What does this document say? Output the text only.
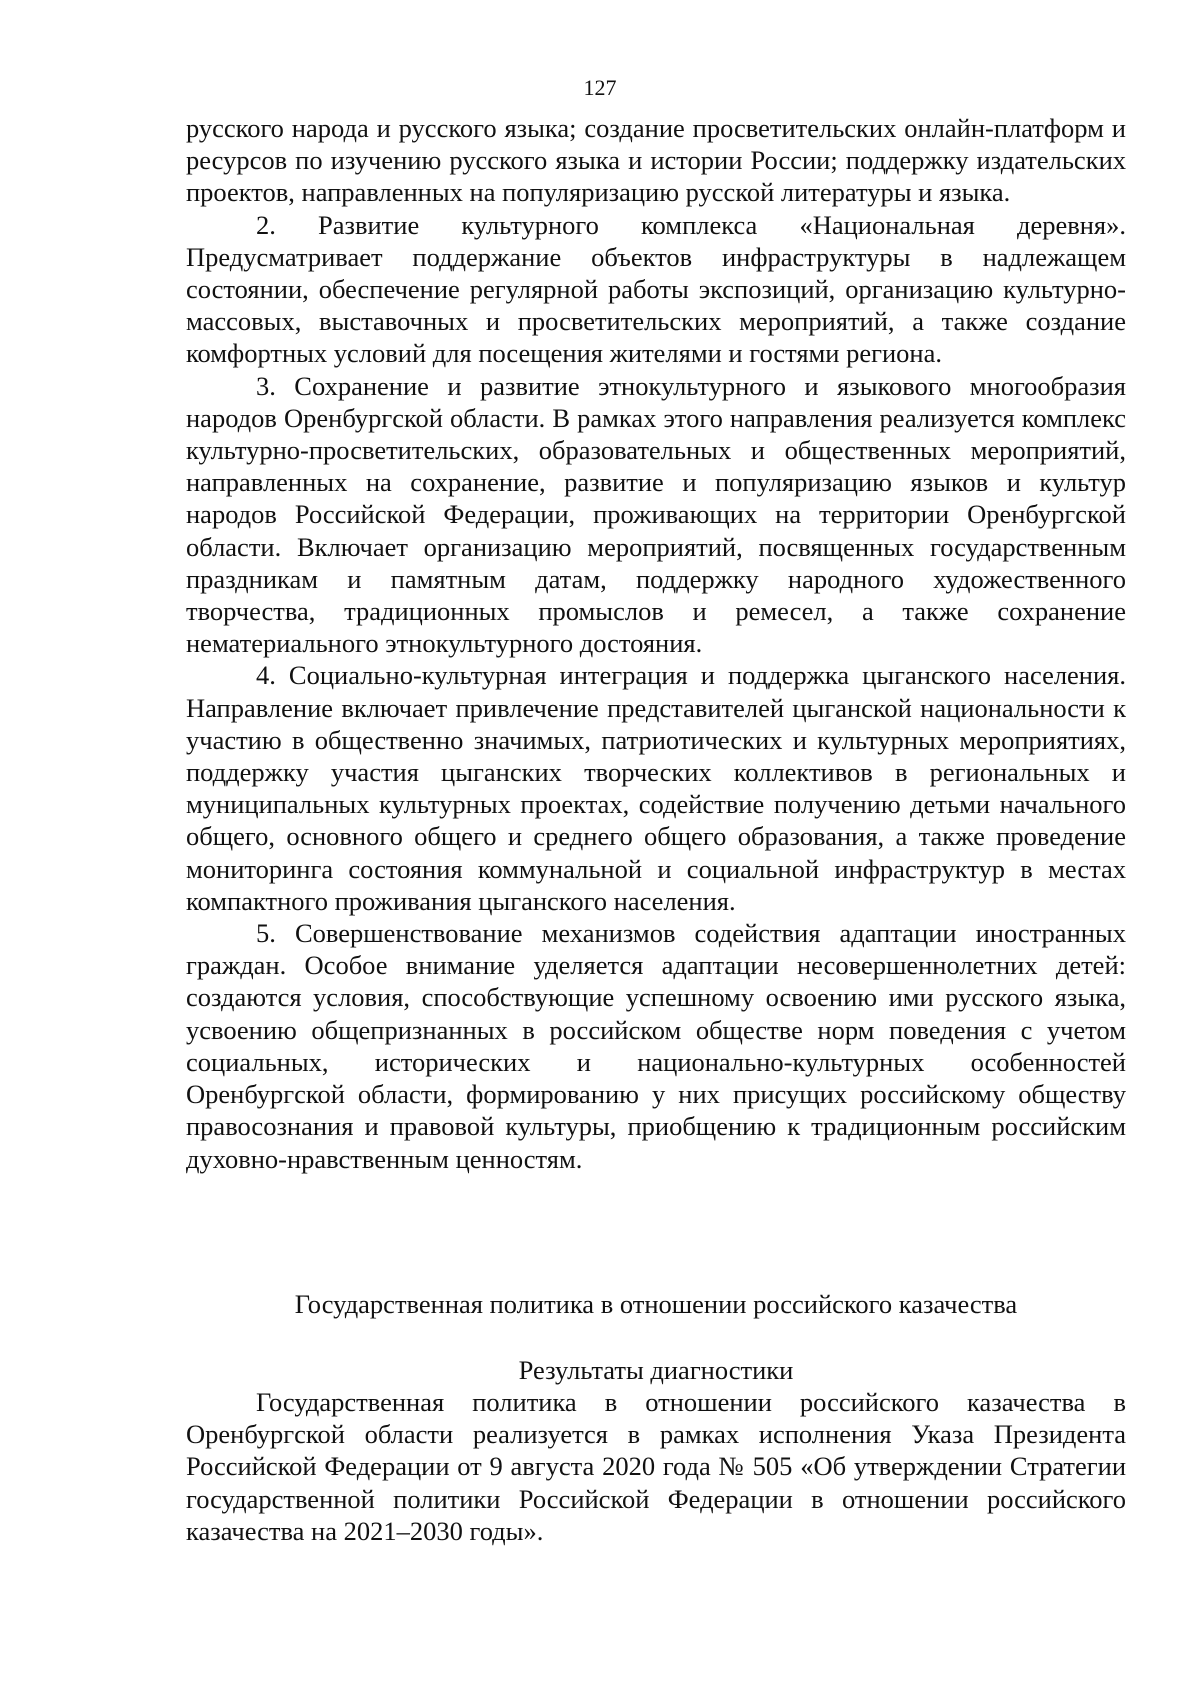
127

русского народа и русского языка; создание просветительских онлайн-платформ и ресурсов по изучению русского языка и истории России; поддержку издательских проектов, направленных на популяризацию русской литературы и языка.

2. Развитие культурного комплекса «Национальная деревня». Предусматривает поддержание объектов инфраструктуры в надлежащем состоянии, обеспечение регулярной работы экспозиций, организацию культурно-массовых, выставочных и просветительских мероприятий, а также создание комфортных условий для посещения жителями и гостями региона.

3. Сохранение и развитие этнокультурного и языкового многообразия народов Оренбургской области. В рамках этого направления реализуется комплекс культурно-просветительских, образовательных и общественных мероприятий, направленных на сохранение, развитие и популяризацию языков и культур народов Российской Федерации, проживающих на территории Оренбургской области. Включает организацию мероприятий, посвященных государственным праздникам и памятным датам, поддержку народного художественного творчества, традиционных промыслов и ремесел, а также сохранение нематериального этнокультурного достояния.

4. Социально-культурная интеграция и поддержка цыганского населения. Направление включает привлечение представителей цыганской национальности к участию в общественно значимых, патриотических и культурных мероприятиях, поддержку участия цыганских творческих коллективов в региональных и муниципальных культурных проектах, содействие получению детьми начального общего, основного общего и среднего общего образования, а также проведение мониторинга состояния коммунальной и социальной инфраструктур в местах компактного проживания цыганского населения.

5. Совершенствование механизмов содействия адаптации иностранных граждан. Особое внимание уделяется адаптации несовершеннолетних детей: создаются условия, способствующие успешному освоению ими русского языка, усвоению общепризнанных в российском обществе норм поведения с учетом социальных, исторических и национально-культурных особенностей Оренбургской области, формированию у них присущих российскому обществу правосознания и правовой культуры, приобщению к традиционным российским духовно-нравственным ценностям.

Государственная политика в отношении российского казачества
Результаты диагностики

Государственная политика в отношении российского казачества в Оренбургской области реализуется в рамках исполнения Указа Президента Российской Федерации от 9 августа 2020 года № 505 «Об утверждении Стратегии государственной политики Российской Федерации в отношении российского казачества на 2021–2030 годы».
